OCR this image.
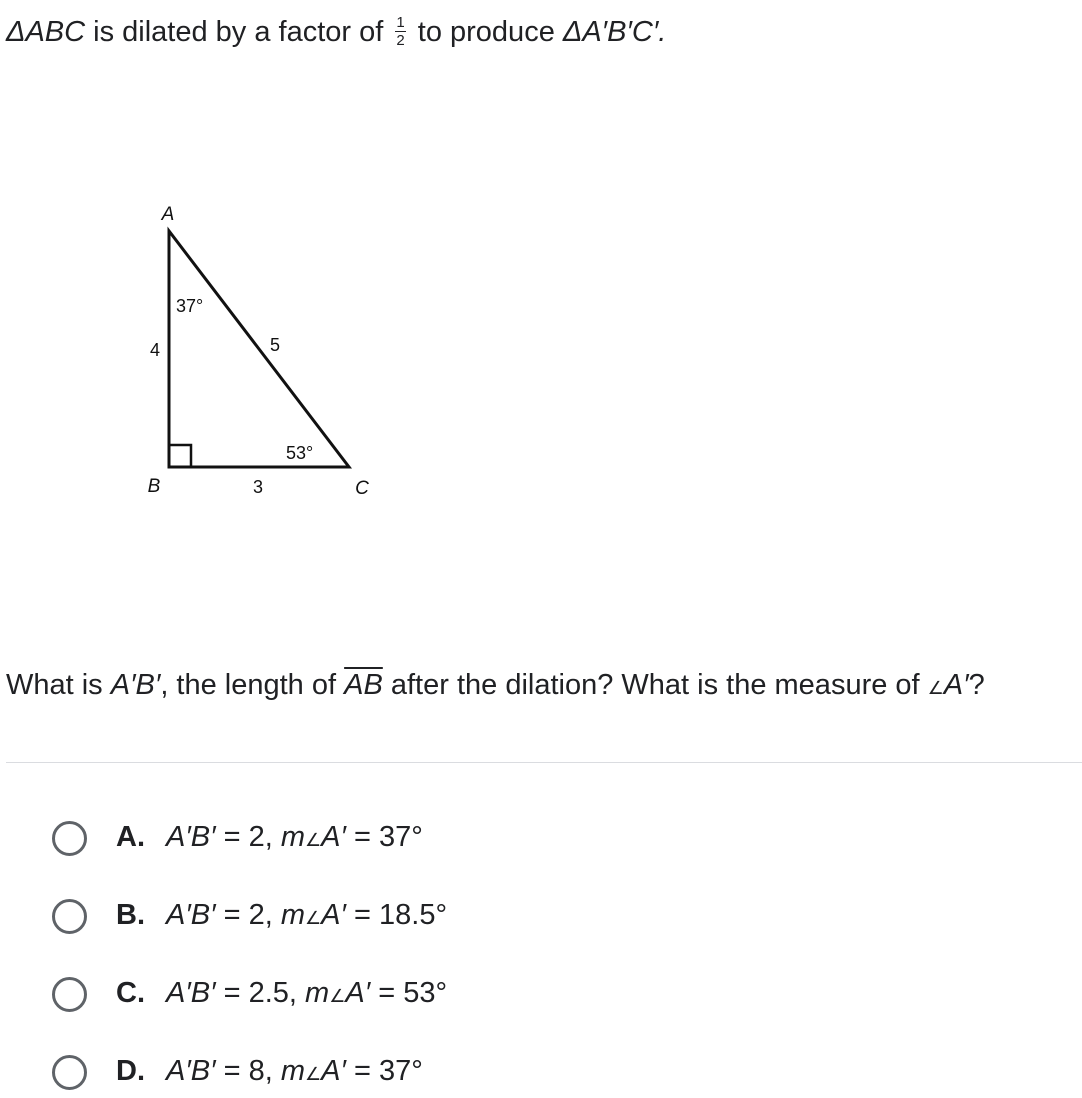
ΔABC is dilated by a factor of $\frac{1}{2}$ to produce ΔA′B′C′.
A
B	C
4
3
5
37°
53°
What is A′B′, the length of $\overline{AB}$ after the dilation? What is the measure of ∠A′?
A. A′B′ = 2, m∠A′ = 37°
B. A′B′ = 2, m∠A′ = 18.5°
C. A′B′ = 2.5, m∠A′ = 53°
D. A′B′ = 8, m∠A′ = 37°
